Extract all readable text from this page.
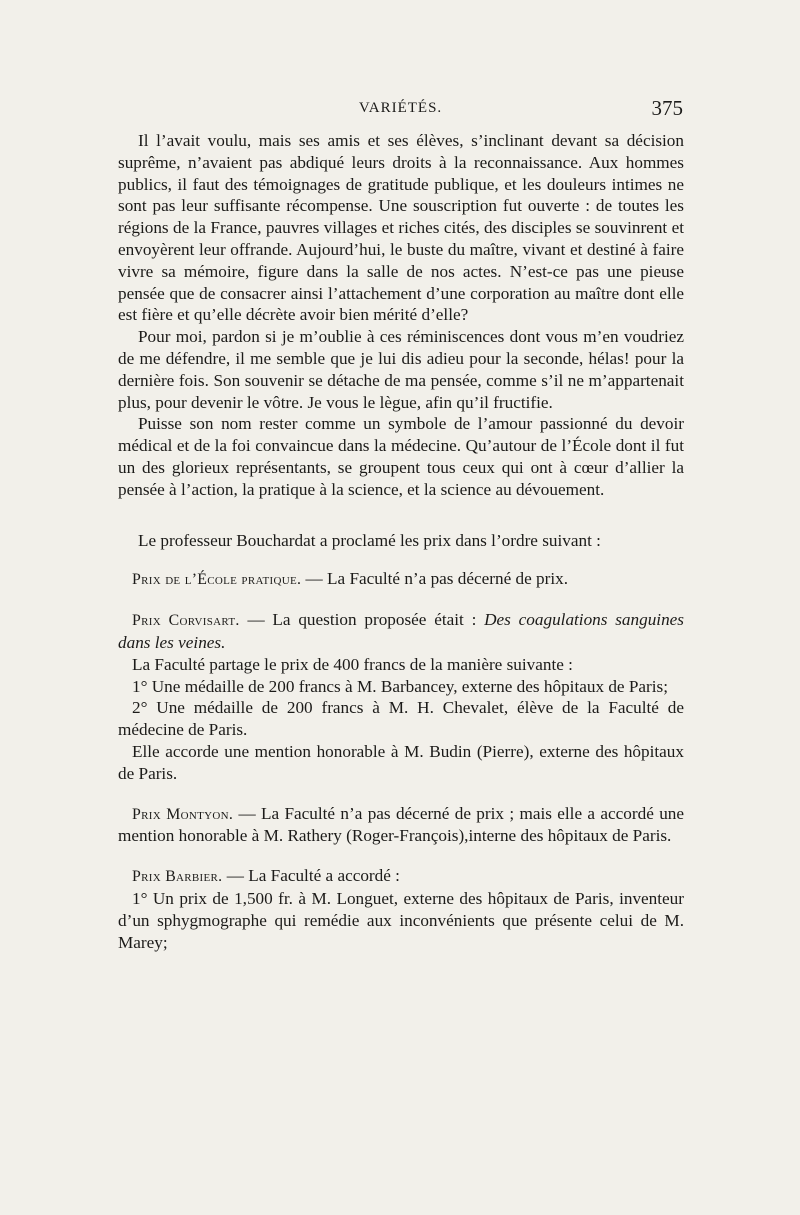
VARIÉTÉS.	375

Il l’avait voulu, mais ses amis et ses élèves, s’inclinant devant sa décision suprême, n’avaient pas abdiqué leurs droits à la reconnaissance. Aux hommes publics, il faut des témoignages de gratitude publique, et les douleurs intimes ne sont pas leur suffisante récompense. Une souscription fut ouverte : de toutes les régions de la France, pauvres villages et riches cités, des disciples se souvinrent et envoyèrent leur offrande. Aujourd’hui, le buste du maître, vivant et destiné à faire vivre sa mémoire, figure dans la salle de nos actes. N’est-ce pas une pieuse pensée que de consacrer ainsi l’attachement d’une corporation au maître dont elle est fière et qu’elle décrète avoir bien mérité d’elle?

Pour moi, pardon si je m’oublie à ces réminiscences dont vous m’en voudriez de me défendre, il me semble que je lui dis adieu pour la seconde, hélas! pour la dernière fois. Son souvenir se détache de ma pensée, comme s’il ne m’appartenait plus, pour devenir le vôtre. Je vous le lègue, afin qu’il fructifie.

Puisse son nom rester comme un symbole de l’amour passionné du devoir médical et de la foi convaincue dans la médecine. Qu’autour de l’École dont il fut un des glorieux représentants, se groupent tous ceux qui ont à cœur d’allier la pensée à l’action, la pratique à la science, et la science au dévouement.

Le professeur Bouchardat a proclamé les prix dans l’ordre suivant :

Prix de l’École pratique. — La Faculté n’a pas décerné de prix.

Prix Corvisart. — La question proposée était : Des coagulations sanguines dans les veines.

La Faculté partage le prix de 400 francs de la manière suivante :

1° Une médaille de 200 francs à M. Barbancey, externe des hôpitaux de Paris;

2° Une médaille de 200 francs à M. H. Chevalet, élève de la Faculté de médecine de Paris.

Elle accorde une mention honorable à M. Budin (Pierre), externe des hôpitaux de Paris.

Prix Montyon. — La Faculté n’a pas décerné de prix ; mais elle a accordé une mention honorable à M. Rathery (Roger-François),interne des hôpitaux de Paris.

Prix Barbier. — La Faculté a accordé :

1° Un prix de 1,500 fr. à M. Longuet, externe des hôpitaux de Paris, inventeur d’un sphygmographe qui remédie aux inconvénients que présente celui de M. Marey;
